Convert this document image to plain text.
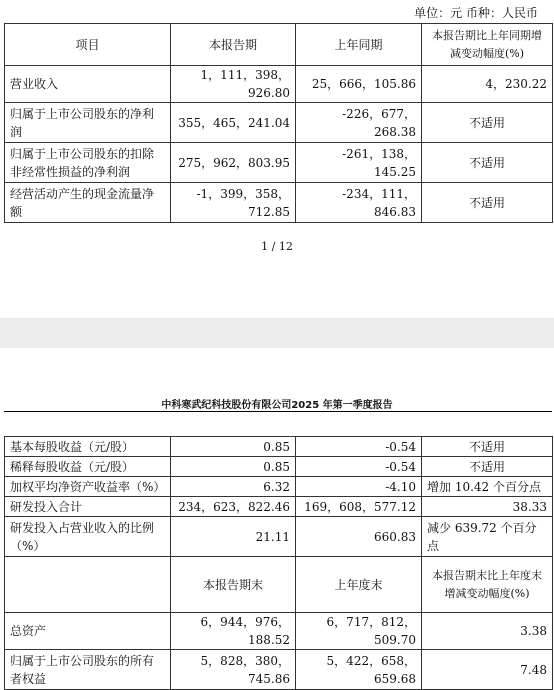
单位：元 币种：人民币
项目	本报告期	上年同期	本报告期比上年同期增减变动幅度(%)
营业收入	1，111，398，926.80	25，666，105.86	4，230.22
归属于上市公司股东的净利润	355，465，241.04	-226，677，268.38	不适用
归属于上市公司股东的扣除非经常性损益的净利润	275，962，803.95	-261，138，145.25	不适用
经营活动产生的现金流量净额	-1，399，358，712.85	-234，111，846.83	不适用
1 / 12
中科寒武纪科技股份有限公司2025 年第一季度报告
基本每股收益（元/股）	0.85	-0.54	不适用
稀释每股收益（元/股）	0.85	-0.54	不适用
加权平均净资产收益率（%）	6.32	-4.10	增加 10.42 个百分点
研发投入合计	234，623，822.46	169，608，577.12	38.33
研发投入占营业收入的比例（%）	21.11	660.83	减少 639.72 个百分点
	本报告期末	上年度末	本报告期末比上年度末增减变动幅度(%)
总资产	6，944，976，188.52	6，717，812，509.70	3.38
归属于上市公司股东的所有者权益	5，828，380，745.86	5，422，658，659.68	7.48
